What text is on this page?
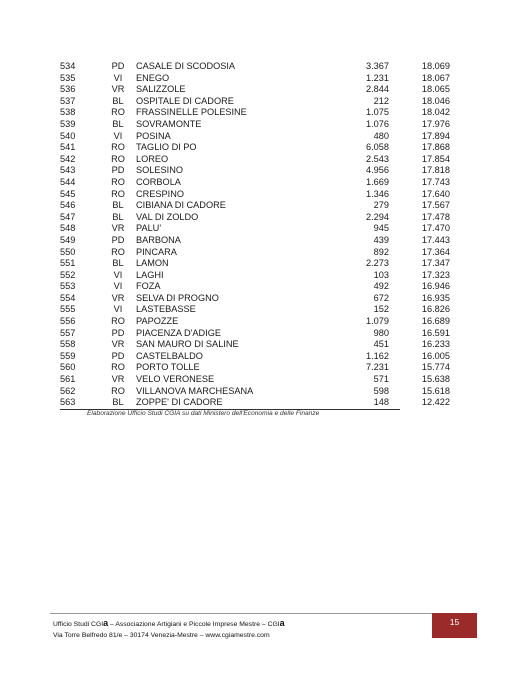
534	PD	CASALE DI SCODOSIA	3.367	18.069
535	VI	ENEGO	1.231	18.067
536	VR	SALIZZOLE	2.844	18.065
537	BL	OSPITALE DI CADORE	212	18.046
538	RO	FRASSINELLE POLESINE	1.075	18.042
539	BL	SOVRAMONTE	1.076	17.976
540	VI	POSINA	480	17.894
541	RO	TAGLIO DI PO	6.058	17.868
542	RO	LOREO	2.543	17.854
543	PD	SOLESINO	4.956	17.818
544	RO	CORBOLA	1.669	17.743
545	RO	CRESPINO	1.346	17.640
546	BL	CIBIANA DI CADORE	279	17.567
547	BL	VAL DI ZOLDO	2.294	17.478
548	VR	PALU'	945	17.470
549	PD	BARBONA	439	17.443
550	RO	PINCARA	892	17.364
551	BL	LAMON	2.273	17.347
552	VI	LAGHI	103	17.323
553	VI	FOZA	492	16.946
554	VR	SELVA DI PROGNO	672	16.935
555	VI	LASTEBASSE	152	16.826
556	RO	PAPOZZE	1.079	16.689
557	PD	PIACENZA D'ADIGE	980	16.591
558	VR	SAN MAURO DI SALINE	451	16.233
559	PD	CASTELBALDO	1.162	16.005
560	RO	PORTO TOLLE	7.231	15.774
561	VR	VELO VERONESE	571	15.638
562	RO	VILLANOVA MARCHESANA	598	15.618
563	BL	ZOPPE' DI CADORE	148	12.422
Elaborazione Ufficio Studi CGIA su dati Ministero dell'Economia e delle Finanze
Ufficio Studi CGIa – Associazione Artigiani e Piccole Imprese Mestre – CGIa
Via Torre Belfredo 81/e – 30174 Venezia-Mestre – www.cgiamestre.com
15
